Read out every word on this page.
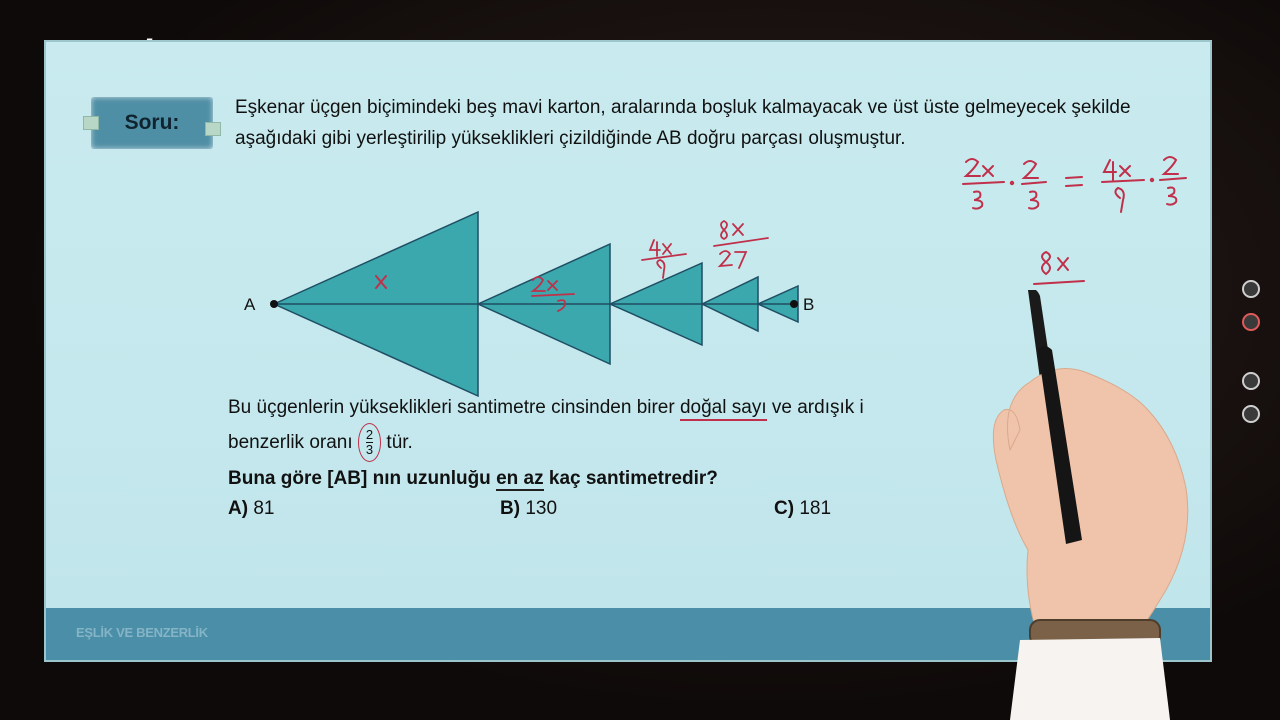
Soru:
Eşkenar üçgen biçimindeki beş mavi karton, aralarında boşluk kalmayacak ve üst üste gelmeyecek şekilde aşağıdaki gibi yerleştirilip yükseklikleri çizildiğinde AB doğru parçası oluşmuştur.
A	B
Bu üçgenlerin yükseklikleri santimetre cinsinden birer doğal sayı ve ardışık i
benzerlik oranı $\frac{2}{3}$ tür.
Buna göre [AB] nın uzunluğu en az kaç santimetredir?
A) 81	B) 130	C) 181
EŞLİK VE BENZERLİK
